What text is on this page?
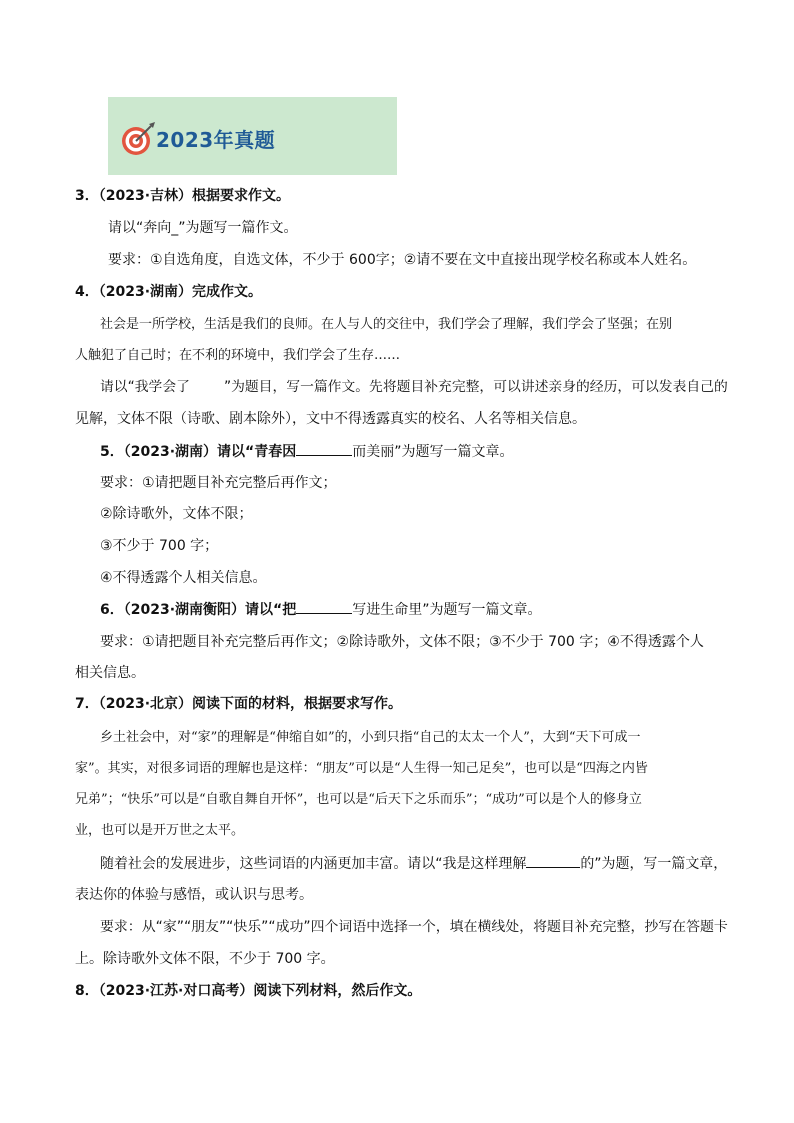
2023年真题
3．（2023·吉林）根据要求作文。
请以“奔向_”为题写一篇作文。
要求：①自选角度，自选文体，不少于 600字；②请不要在文中直接出现学校名称或本人姓名。
4．（2023·湖南）完成作文。
社会是一所学校，生活是我们的良师。在人与人的交往中，我们学会了理解，我们学会了坚强；在别
人触犯了自己时；在不利的环境中，我们学会了生存……
请以“我学会了 ”为题目，写一篇作文。先将题目补充完整，可以讲述亲身的经历，可以发表自己的
见解，文体不限（诗歌、剧本除外），文中不得透露真实的校名、人名等相关信息。
5．（2023·湖南）请以“青春因	而美丽”为题写一篇文章。
要求：①请把题目补充完整后再作文；
②除诗歌外，文体不限；
③不少于 700 字；
④不得透露个人相关信息。
6．（2023·湖南衡阳）请以“把	写进生命里”为题写一篇文章。
要求：①请把题目补充完整后再作文；②除诗歌外，文体不限；③不少于 700 字；④不得透露个人
相关信息。
7．（2023·北京）阅读下面的材料，根据要求写作。
乡土社会中，对“家”的理解是“伸缩自如”的，小到只指“自己的太太一个人”，大到“天下可成一
家”。其实，对很多词语的理解也是这样：“朋友”可以是“人生得一知己足矣”，也可以是“四海之内皆
兄弟”；“快乐”可以是“自歌自舞自开怀”，也可以是“后天下之乐而乐”；“成功”可以是个人的修身立
业，也可以是开万世之太平。
随着社会的发展进步，这些词语的内涵更加丰富。请以“我是这样理解	的”为题，写一篇文章，
表达你的体验与感悟，或认识与思考。
要求：从“家”“朋友”“快乐”“成功”四个词语中选择一个，填在横线处，将题目补充完整，抄写在答题卡
上。除诗歌外文体不限，不少于 700 字。
8．（2023·江苏·对口高考）阅读下列材料，然后作文。
